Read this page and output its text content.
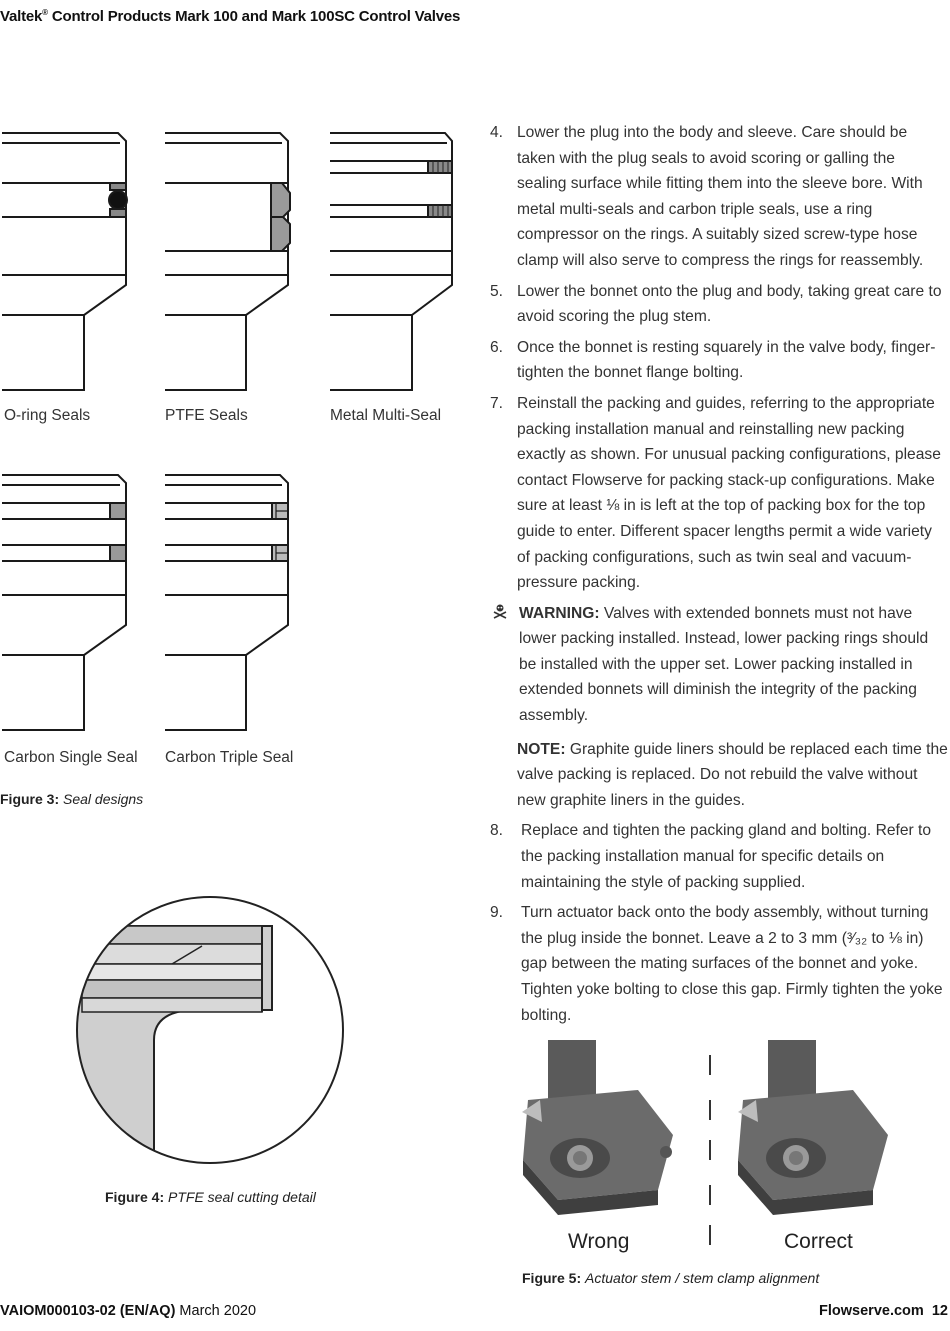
Valtek® Control Products Mark 100 and Mark 100SC Control Valves
O-ring Seals	PTFE Seals	Metal Multi-Seal
Carbon Single Seal Carbon Triple Seal
Figure 3: Seal designs
Figure 4: PTFE seal cutting detail
4. Lower the plug into the body and sleeve. Care should be taken with the plug seals to avoid scoring or galling the sealing surface while fitting them into the sleeve bore. With metal multi-seals and carbon triple seals, use a ring compressor on the rings. A suitably sized screw-type hose clamp will also serve to compress the rings for reassembly.
5. Lower the bonnet onto the plug and body, taking great care to avoid scoring the plug stem.
6. Once the bonnet is resting squarely in the valve body, finger-tighten the bonnet flange bolting.
7. Reinstall the packing and guides, referring to the appropriate packing installation manual and reinstalling new packing exactly as shown. For unusual packing configurations, please contact Flowserve for packing stack-up configurations. Make sure at least ⅛ in is left at the top of packing box for the top guide to enter. Different spacer lengths permit a wide variety of packing configurations, such as twin seal and vacuum-pressure packing.
WARNING: Valves with extended bonnets must not have lower packing installed. Instead, lower packing rings should be installed with the upper set. Lower packing installed in extended bonnets will diminish the integrity of the packing assembly.
NOTE: Graphite guide liners should be replaced each time the valve packing is replaced. Do not rebuild the valve without new graphite liners in the guides.
8. Replace and tighten the packing gland and bolting. Refer to the packing installation manual for specific details on maintaining the style of packing supplied.
9. Turn actuator back onto the body assembly, without turning the plug inside the bonnet. Leave a 2 to 3 mm (³⁄₃₂ to ⅛ in) gap between the mating surfaces of the bonnet and yoke. Tighten yoke bolting to close this gap. Firmly tighten the yoke bolting.
Wrong	Correct
Figure 5: Actuator stem / stem clamp alignment
VAIOM000103-02 (EN/AQ) March 2020	Flowserve.com 12
